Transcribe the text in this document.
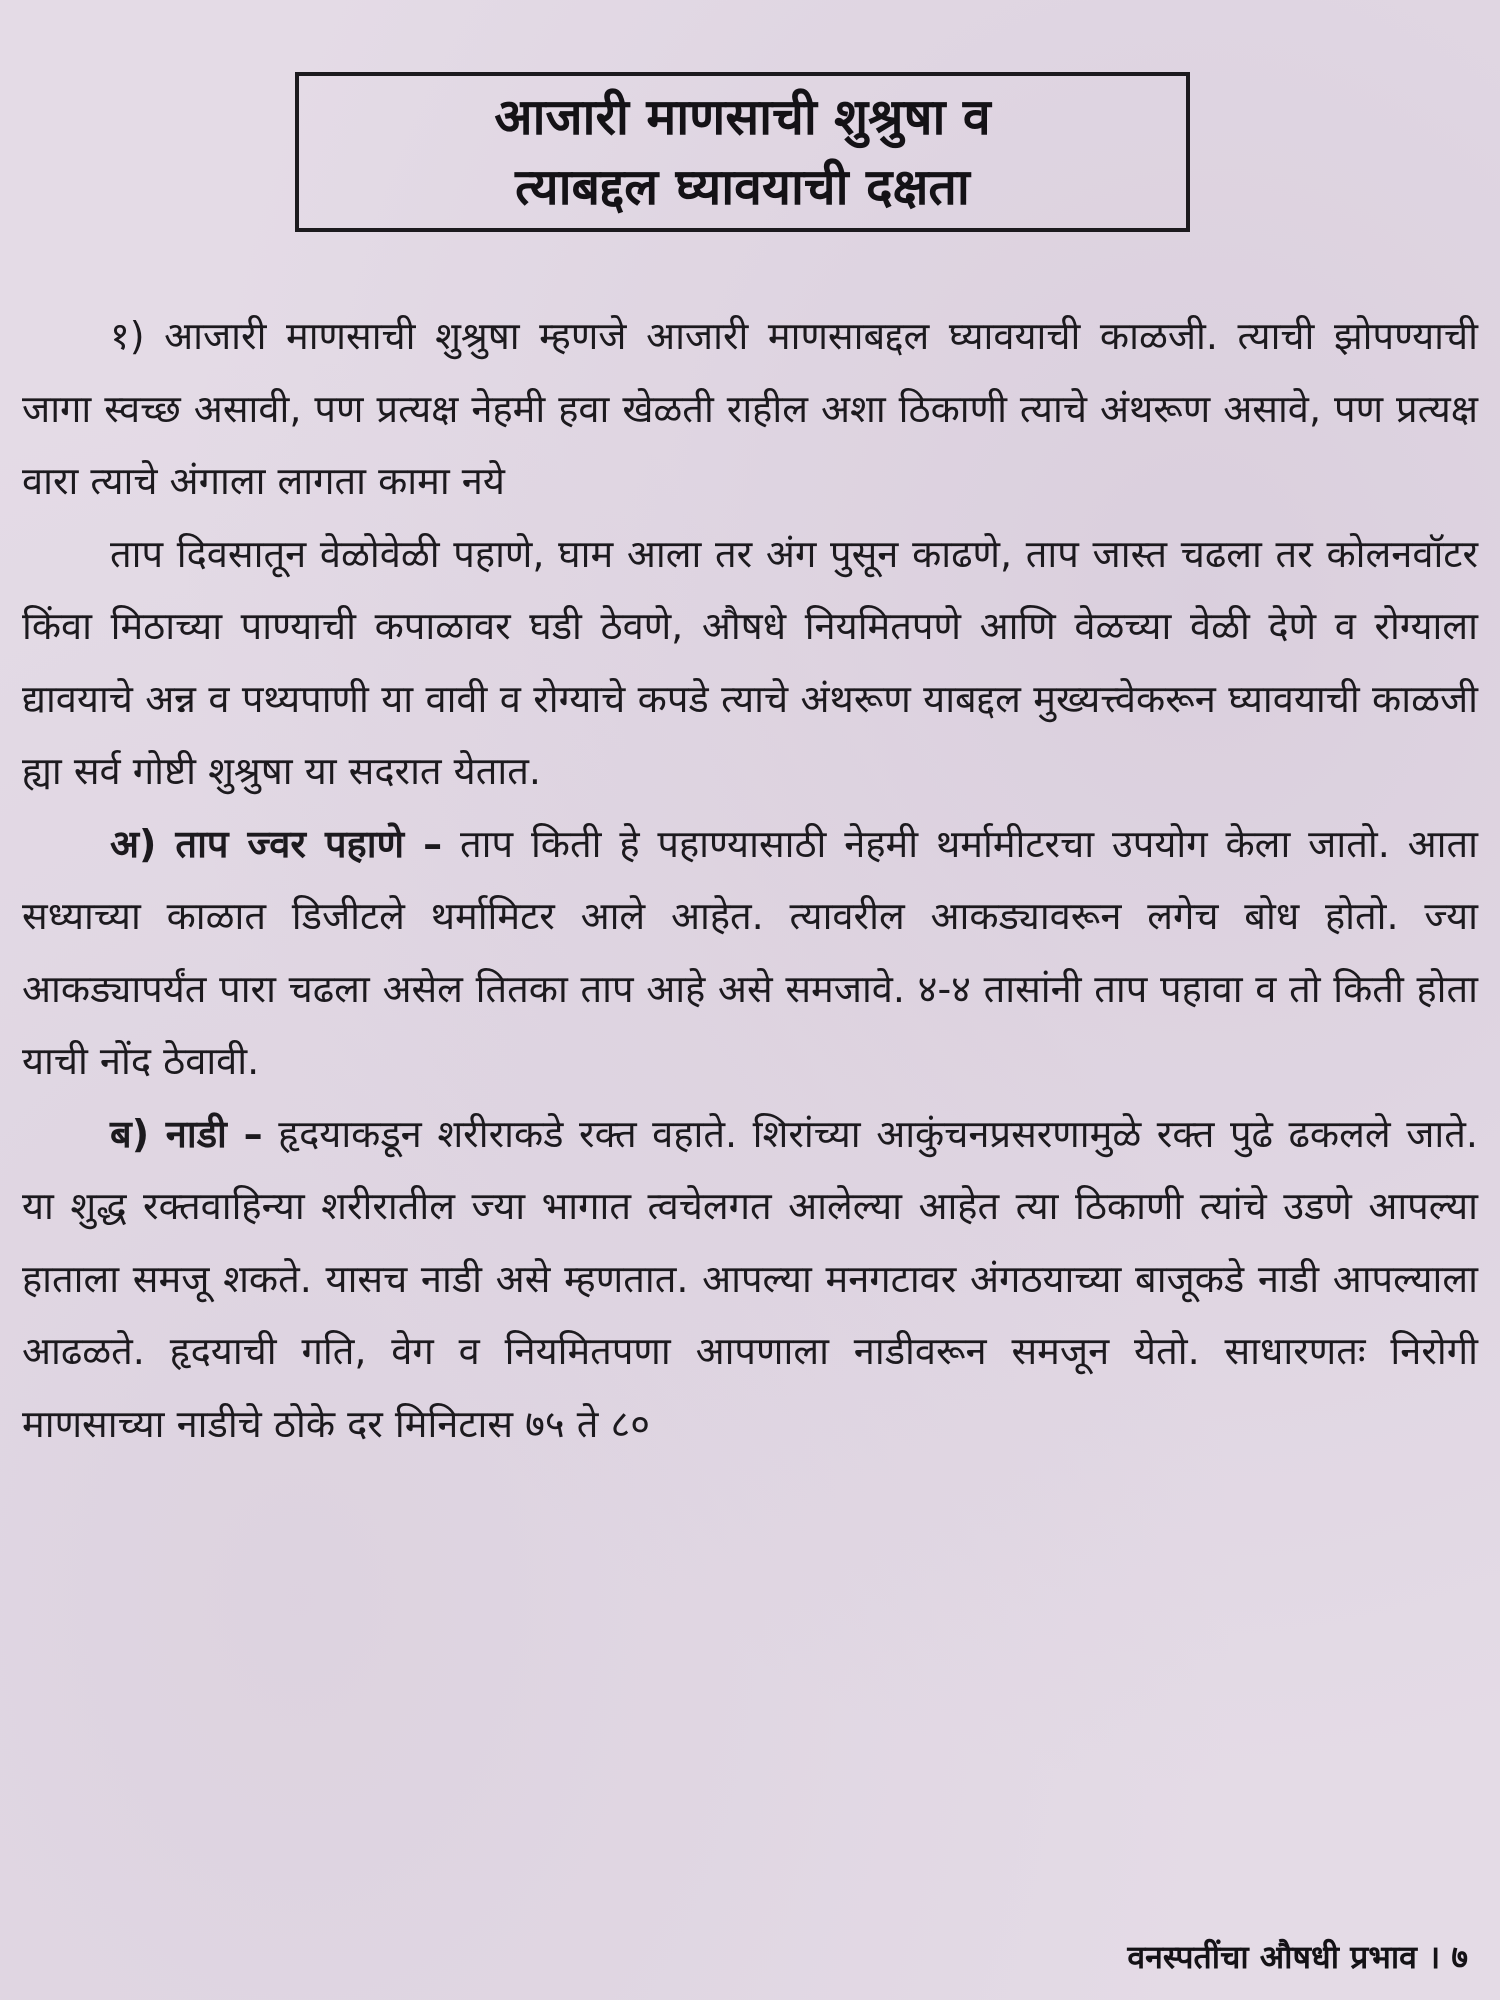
आजारी माणसाची शुश्रुषा व
त्याबद्दल घ्यावयाची दक्षता

१) आजारी माणसाची शुश्रुषा म्हणजे आजारी माणसाबद्दल घ्यावयाची काळजी. त्याची झोपण्याची जागा स्वच्छ असावी, पण प्रत्यक्ष नेहमी हवा खेळती राहील अशा ठिकाणी त्याचे अंथरूण असावे, पण प्रत्यक्ष वारा त्याचे अंगाला लागता कामा नये

ताप दिवसातून वेळोवेळी पहाणे, घाम आला तर अंग पुसून काढणे, ताप जास्त चढला तर कोलनवॉटर किंवा मिठाच्या पाण्याची कपाळावर घडी ठेवणे, औषधे नियमितपणे आणि वेळच्या वेळी देणे व रोग्याला द्यावयाचे अन्न व पथ्यपाणी या वावी व रोग्याचे कपडे त्याचे अंथरूण याबद्दल मुख्यत्त्वेकरून घ्यावयाची काळजी ह्या सर्व गोष्टी शुश्रुषा या सदरात येतात.

अ) ताप ज्वर पहाणे – ताप किती हे पहाण्यासाठी नेहमी थर्मामीटरचा उपयोग केला जातो. आता सध्याच्या काळात डिजीटले थर्मामिटर आले आहेत. त्यावरील आकड्यावरून लगेच बोध होतो. ज्या आकड्यापर्यंत पारा चढला असेल तितका ताप आहे असे समजावे. ४-४ तासांनी ताप पहावा व तो किती होता याची नोंद ठेवावी.

ब) नाडी – हृदयाकडून शरीराकडे रक्त वहाते. शिरांच्या आकुंचनप्रसरणामुळे रक्त पुढे ढकलले जाते. या शुद्ध रक्तवाहिन्या शरीरातील ज्या भागात त्वचेलगत आलेल्या आहेत त्या ठिकाणी त्यांचे उडणे आपल्या हाताला समजू शकते. यासच नाडी असे म्हणतात. आपल्या मनगटावर अंगठयाच्या बाजूकडे नाडी आपल्याला आढळते. हृदयाची गति, वेग व नियमितपणा आपणाला नाडीवरून समजून येतो. साधारणतः निरोगी माणसाच्या नाडीचे ठोके दर मिनिटास ७५ ते ८०

वनस्पतींचा औषधी प्रभाव । ७
